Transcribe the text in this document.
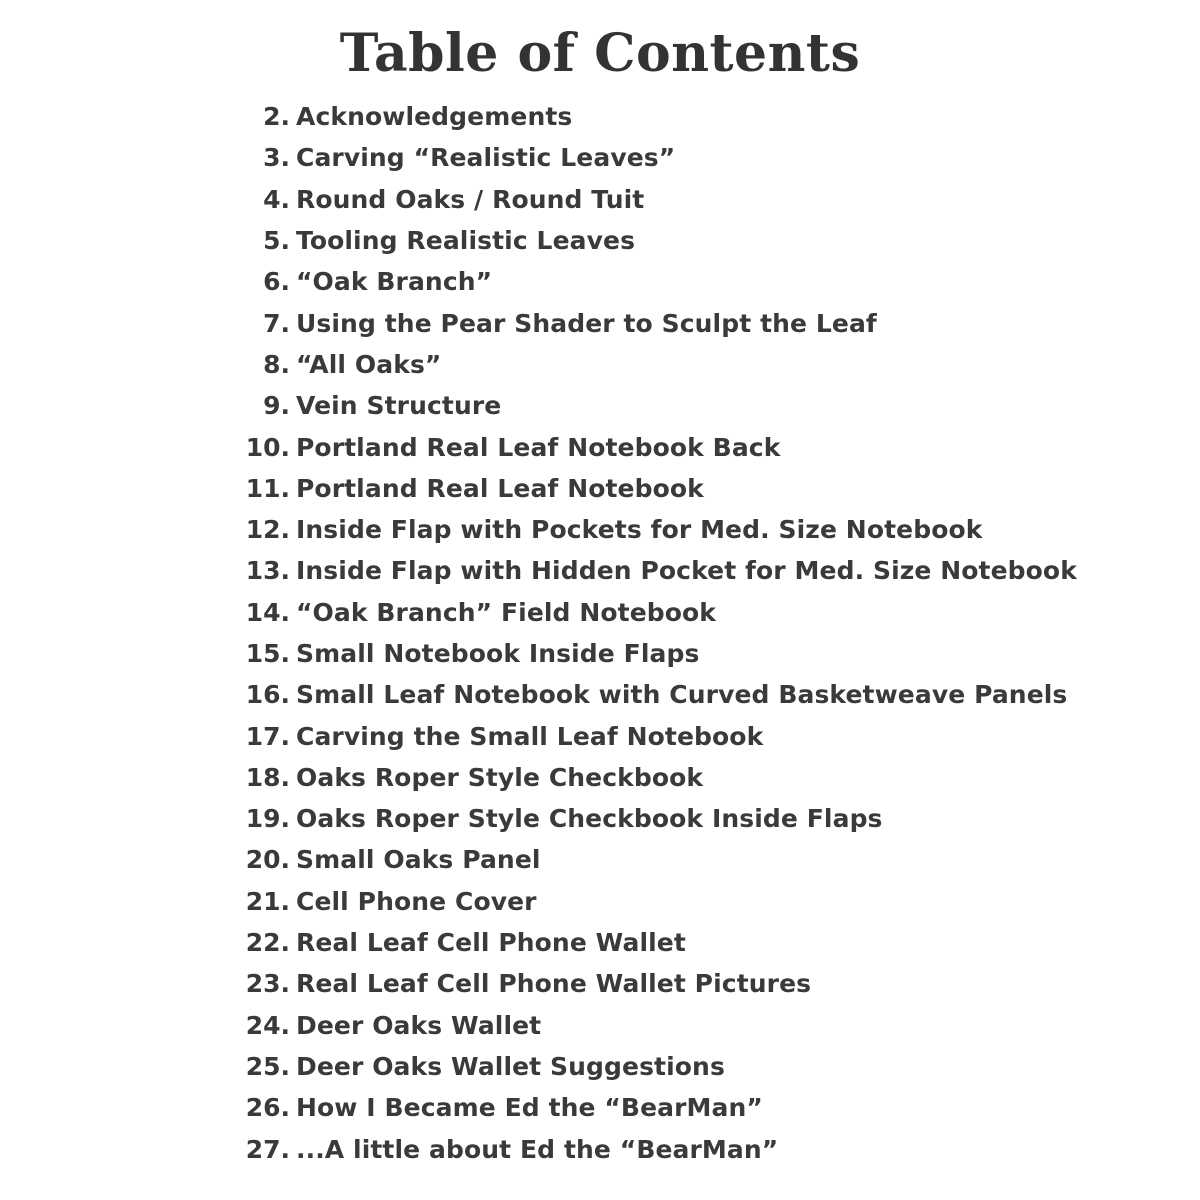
Table of Contents
2. Acknowledgements
3. Carving “Realistic Leaves”
4. Round Oaks / Round Tuit
5. Tooling Realistic Leaves
6. “Oak Branch”
7. Using the Pear Shader to Sculpt the Leaf
8. “All Oaks”
9. Vein Structure
10. Portland Real Leaf Notebook Back
11. Portland Real Leaf Notebook
12. Inside Flap with Pockets for Med. Size Notebook
13. Inside Flap with Hidden Pocket for Med. Size Notebook
14. “Oak Branch” Field Notebook
15. Small Notebook Inside Flaps
16. Small Leaf Notebook with Curved Basketweave Panels
17. Carving the Small Leaf Notebook
18. Oaks Roper Style Checkbook
19. Oaks Roper Style Checkbook Inside Flaps
20. Small Oaks Panel
21. Cell Phone Cover
22. Real Leaf Cell Phone Wallet
23. Real Leaf Cell Phone Wallet Pictures
24. Deer Oaks Wallet
25. Deer Oaks Wallet Suggestions
26. How I Became Ed the “BearMan”
27. ...A little about Ed the “BearMan”
